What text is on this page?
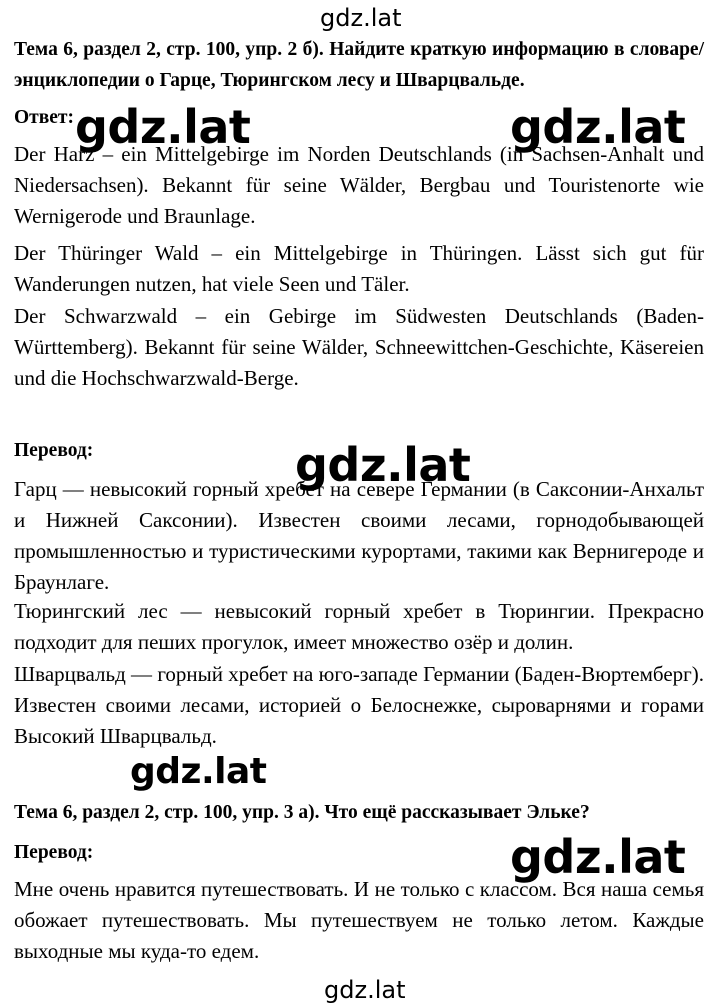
gdz.lat
gdz.lat	gdz.lat
gdz.lat
gdz.lat
gdz.lat
gdz.lat
Тема 6, раздел 2, стр. 100, упр. 2 б). Найдите краткую информацию в словаре/энциклопедии о Гарце, Тюрингском лесу и Шварцвальде.
Ответ:
Der Harz – ein Mittelgebirge im Norden Deutschlands (in Sachsen-Anhalt und Niedersachsen). Bekannt für seine Wälder, Bergbau und Touristenorte wie Wernigerode und Braunlage.
Der Thüringer Wald – ein Mittelgebirge in Thüringen. Lässt sich gut für Wanderungen nutzen, hat viele Seen und Täler.
Der Schwarzwald – ein Gebirge im Südwesten Deutschlands (Baden-Württemberg). Bekannt für seine Wälder, Schneewittchen-Geschichte, Käsereien und die Hochschwarzwald-Berge.
Перевод:
Гарц — невысокий горный хребет на севере Германии (в Саксонии-Анхальт и Нижней Саксонии). Известен своими лесами, горнодобывающей промышленностью и туристическими курортами, такими как Вернигероде и Браунлаге.
Тюрингский лес — невысокий горный хребет в Тюрингии. Прекрасно подходит для пеших прогулок, имеет множество озёр и долин.
Шварцвальд — горный хребет на юго-западе Германии (Баден-Вюртемберг). Известен своими лесами, историей о Белоснежке, сыроварнями и горами Высокий Шварцвальд.
Тема 6, раздел 2, стр. 100, упр. 3 а). Что ещё рассказывает Эльке?
Перевод:
Мне очень нравится путешествовать. И не только с классом. Вся наша семья обожает путешествовать. Мы путешествуем не только летом. Каждые выходные мы куда-то едем.
